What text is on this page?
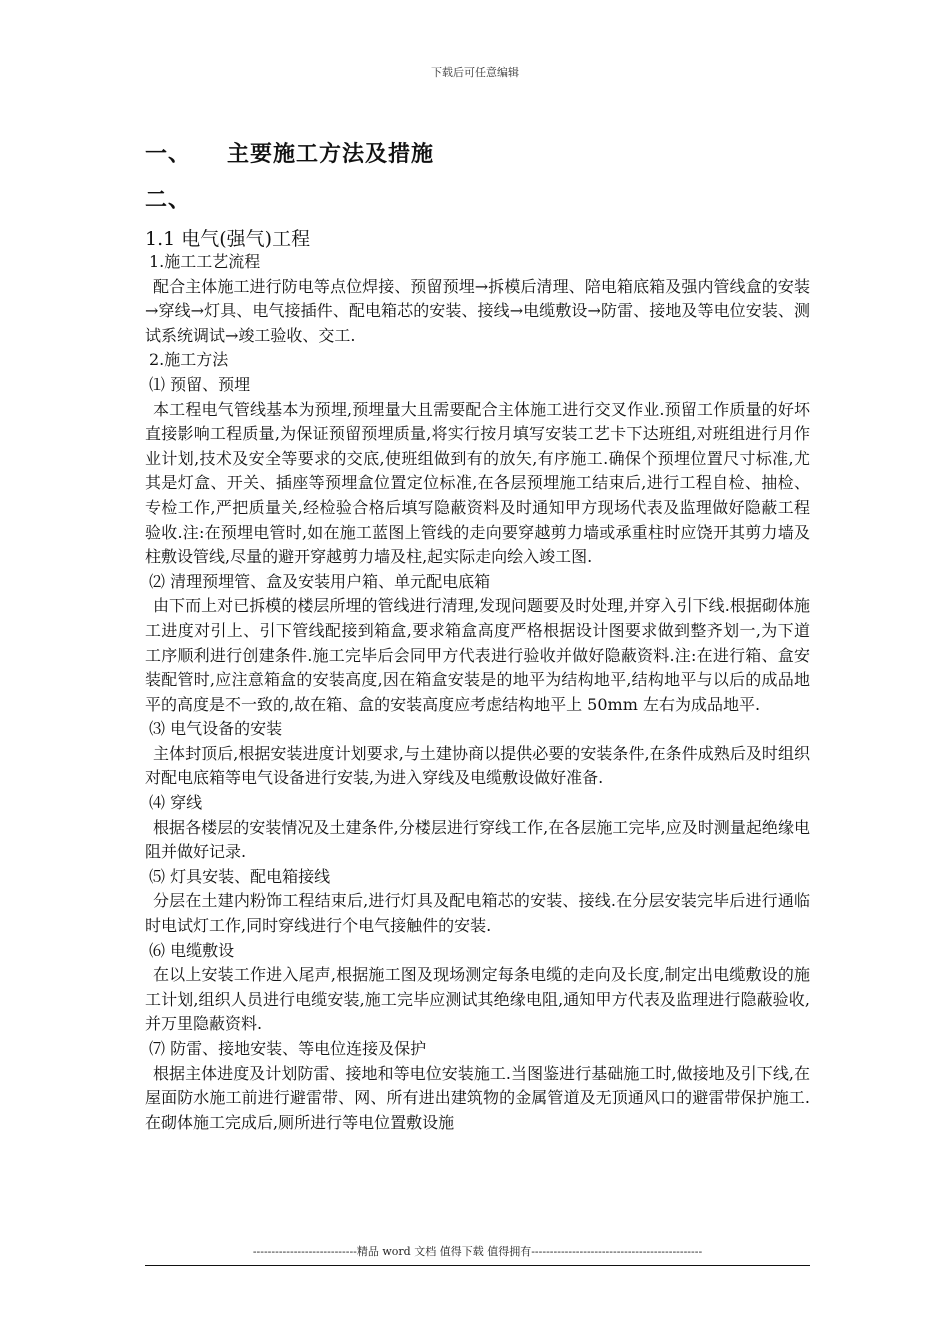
下载后可任意编辑
一、 主要施工方法及措施
二、
1.1 电气(强气)工程

1.施工工艺流程

配合主体施工进行防电等点位焊接、预留预埋→拆模后清理、陪电箱底箱及强内管线盒的安装→穿线→灯具、电气接插件、配电箱芯的安装、接线→电缆敷设→防雷、接地及等电位安装、测试系统调试→竣工验收、交工.

2.施工方法

⑴ 预留、预埋

本工程电气管线基本为预埋,预埋量大且需要配合主体施工进行交叉作业.预留工作质量的好坏直接影响工程质量,为保证预留预埋质量,将实行按月填写安装工艺卡下达班组,对班组进行月作业计划,技术及安全等要求的交底,使班组做到有的放矢,有序施工.确保个预埋位置尺寸标准,尤其是灯盒、开关、插座等预埋盒位置定位标准,在各层预埋施工结束后,进行工程自检、抽检、专检工作,严把质量关,经检验合格后填写隐蔽资料及时通知甲方现场代表及监理做好隐蔽工程验收.注:在预埋电管时,如在施工蓝图上管线的走向要穿越剪力墙或承重柱时应饶开其剪力墙及柱敷设管线,尽量的避开穿越剪力墙及柱,起实际走向绘入竣工图.

⑵ 清理预埋管、盒及安装用户箱、单元配电底箱

由下而上对已拆模的楼层所埋的管线进行清理,发现问题要及时处理,并穿入引下线.根据砌体施工进度对引上、引下管线配接到箱盒,要求箱盒高度严格根据设计图要求做到整齐划一,为下道工序顺利进行创建条件.施工完毕后会同甲方代表进行验收并做好隐蔽资料.注:在进行箱、盒安装配管时,应注意箱盒的安装高度,因在箱盒安装是的地平为结构地平,结构地平与以后的成品地平的高度是不一致的,故在箱、盒的安装高度应考虑结构地平上 50mm 左右为成品地平.

⑶ 电气设备的安装

主体封顶后,根据安装进度计划要求,与土建协商以提供必要的安装条件,在条件成熟后及时组织对配电底箱等电气设备进行安装,为进入穿线及电缆敷设做好准备.

⑷ 穿线

根据各楼层的安装情况及土建条件,分楼层进行穿线工作,在各层施工完毕,应及时测量起绝缘电阻并做好记录.

⑸ 灯具安装、配电箱接线

分层在土建内粉饰工程结束后,进行灯具及配电箱芯的安装、接线.在分层安装完毕后进行通临时电试灯工作,同时穿线进行个电气接触件的安装.

⑹ 电缆敷设

在以上安装工作进入尾声,根据施工图及现场测定每条电缆的走向及长度,制定出电缆敷设的施工计划,组织人员进行电缆安装,施工完毕应测试其绝缘电阻,通知甲方代表及监理进行隐蔽验收,并万里隐蔽资料.

⑺ 防雷、接地安装、等电位连接及保护

根据主体进度及计划防雷、接地和等电位安装施工.当图鉴进行基础施工时,做接地及引下线,在屋面防水施工前进行避雷带、网、所有进出建筑物的金属管道及无顶通风口的避雷带保护施工.在砌体施工完成后,厕所进行等电位置敷设施

----------------------------精品 word 文档 值得下载 值得拥有----------------------------------------------
